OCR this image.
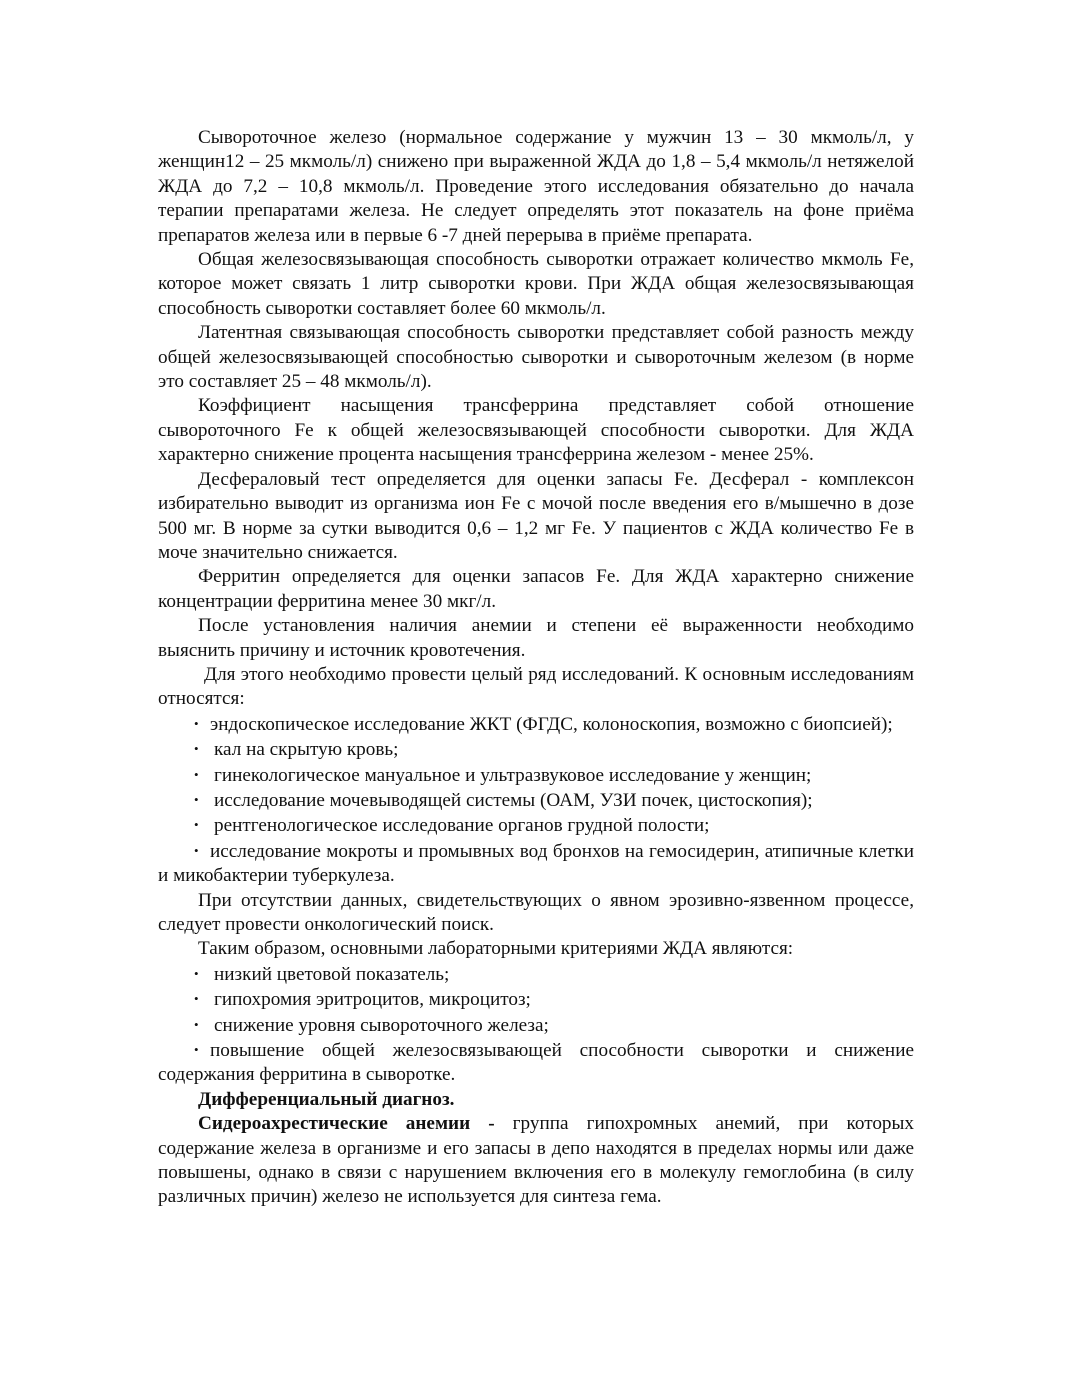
Сывороточное железо (нормальное содержание у мужчин 13 – 30 мкмоль/л, у женщин12 – 25 мкмоль/л) снижено при выраженной ЖДА до 1,8 – 5,4 мкмоль/л нетяжелой ЖДА до 7,2 – 10,8 мкмоль/л. Проведение этого исследования обязательно до начала терапии препаратами железа. Не следует определять этот показатель на фоне приёма препаратов железа или в первые 6 -7 дней перерыва в приёме препарата.

Общая железосвязывающая способность сыворотки отражает количество мкмоль Fe, которое может связать 1 литр сыворотки крови. При ЖДА общая железосвязывающая способность сыворотки составляет более 60 мкмоль/л.

Латентная связывающая способность сыворотки представляет собой разность между общей железосвязывающей способностью сыворотки и сывороточным железом (в норме это составляет 25 – 48 мкмоль/л).

Коэффициент насыщения трансферрина представляет собой отношение сывороточного Fe к общей железосвязывающей способности сыворотки. Для ЖДА характерно снижение процента насыщения трансферрина железом - менее 25%.

Десфераловый тест определяется для оценки запасы Fe. Десферал - комплексон избирательно выводит из организма ион Fe с мочой после введения его в/мышечно в дозе 500 мг. В норме за сутки выводится 0,6 – 1,2 мг Fe. У пациентов с ЖДА количество Fe в моче значительно снижается.

Ферритин определяется для оценки запасов Fe. Для ЖДА характерно снижение концентрации ферритина менее 30 мкг/л.

После установления наличия анемии и степени её выраженности необходимо выяснить причину и источник кровотечения.

Для этого необходимо провести целый ряд исследований. К основным исследованиям относятся:

• эндоскопическое исследование ЖКТ (ФГДС, колоноскопия, возможно с биопсией);

• кал на скрытую кровь;

• гинекологическое мануальное и ультразвуковое исследование у женщин;

• исследование мочевыводящей системы (ОАМ, УЗИ почек, цистоскопия);

• рентгенологическое исследование органов грудной полости;

• исследование мокроты и промывных вод бронхов на гемосидерин, атипичные клетки и микобактерии туберкулеза.

При отсутствии данных, свидетельствующих о явном эрозивно-язвенном процессе, следует провести онкологический поиск.

Таким образом, основными лабораторными критериями ЖДА являются:

• низкий цветовой показатель;

• гипохромия эритроцитов, микроцитоз;

• снижение уровня сывороточного железа;

• повышение общей железосвязывающей способности сыворотки и снижение содержания ферритина в сыворотке.

Дифференциальный диагноз.

Сидероахрестические анемии - группа гипохромных анемий, при которых содержание железа в организме и его запасы в депо находятся в пределах нормы или даже повышены, однако в связи с нарушением включения его в молекулу гемоглобина (в силу различных причин) железо не используется для синтеза гема.
